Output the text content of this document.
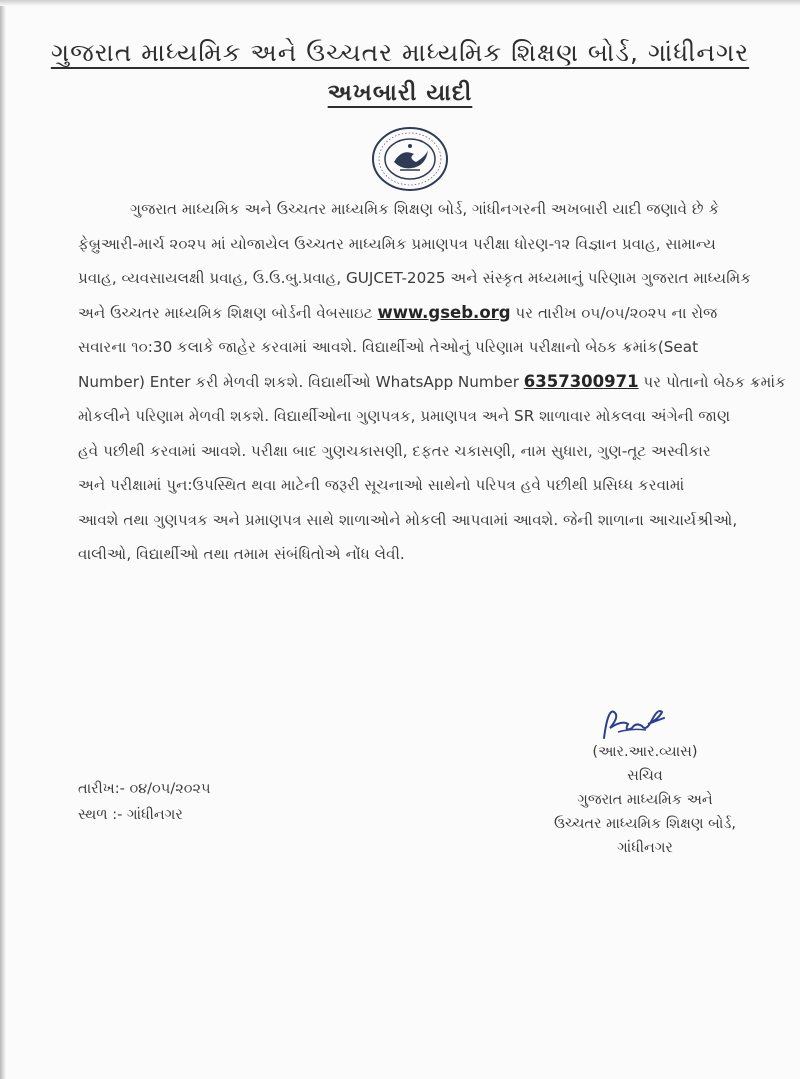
ગુજરાત માધ્યમિક અને ઉચ્ચતર માધ્યમિક શિક્ષણ બોર્ડ, ગાંધીનગર
અખબારી યાદી
ગુજરાત માધ્યમિક અને ઉચ્ચતર માધ્યમિક શિક્ષણ બોર્ડ, ગાંધીનગરની અખબારી યાદી જણાવે છે કે
ફેબ્રુઆરી-માર્ચ ૨૦૨૫ માં યોજાયેલ ઉચ્ચતર માધ્યમિક પ્રમાણપત્ર પરીક્ષા ધોરણ-૧૨ વિજ્ઞાન પ્રવાહ, સામાન્ય
પ્રવાહ, વ્યવસાયલક્ષી પ્રવાહ, ઉ.ઉ.બુ.પ્રવાહ, GUJCET-2025 અને સંસ્કૃત મધ્યમાનું પરિણામ ગુજરાત માધ્યમિક
અને ઉચ્ચતર માધ્યમિક શિક્ષણ બોર્ડની વેબસાઇટ www.gseb.org પર તારીખ ૦૫/૦૫/૨૦૨૫ ના રોજ
સવારના ૧૦:30 કલાકે જાહેર કરવામાં આવશે. વિદ્યાર્થીઓ તેઓનું પરિણામ પરીક્ષાનો બેઠક ક્રમાંક(Seat
Number) Enter કરી મેળવી શકશે. વિદ્યાર્થીઓ WhatsApp Number 6357300971 પર પોતાનો બેઠક ક્રમાંક
મોકલીને પરિણામ મેળવી શકશે. વિદ્યાર્થીઓના ગુણપત્રક, પ્રમાણપત્ર અને SR શાળાવાર મોકલવા અંગેની જાણ
હવે પછીથી કરવામાં આવશે. પરીક્ષા બાદ ગુણચકાસણી, દફતર ચકાસણી, નામ સુધારા, ગુણ-તૂટ અસ્વીકાર
અને પરીક્ષામાં પુન:ઉપસ્થિત થવા માટેની જરૂરી સૂચનાઓ સાથેનો પરિપત્ર હવે પછીથી પ્રસિધ્ધ કરવામાં
આવશે તથા ગુણપત્રક અને પ્રમાણપત્ર સાથે શાળાઓને મોકલી આપવામાં આવશે. જેની શાળાના આચાર્યશ્રીઓ,
વાલીઓ, વિદ્યાર્થીઓ તથા તમામ સંબંધિતોએ નોંધ લેવી.
(આર.આર.વ્યાસ)
સચિવ
ગુજરાત માધ્યમિક અને
ઉચ્ચતર માધ્યમિક શિક્ષણ બોર્ડ,
ગાંધીનગર
તારીખ:- ૦૪/૦૫/૨૦૨૫
સ્થળ :- ગાંધીનગર
